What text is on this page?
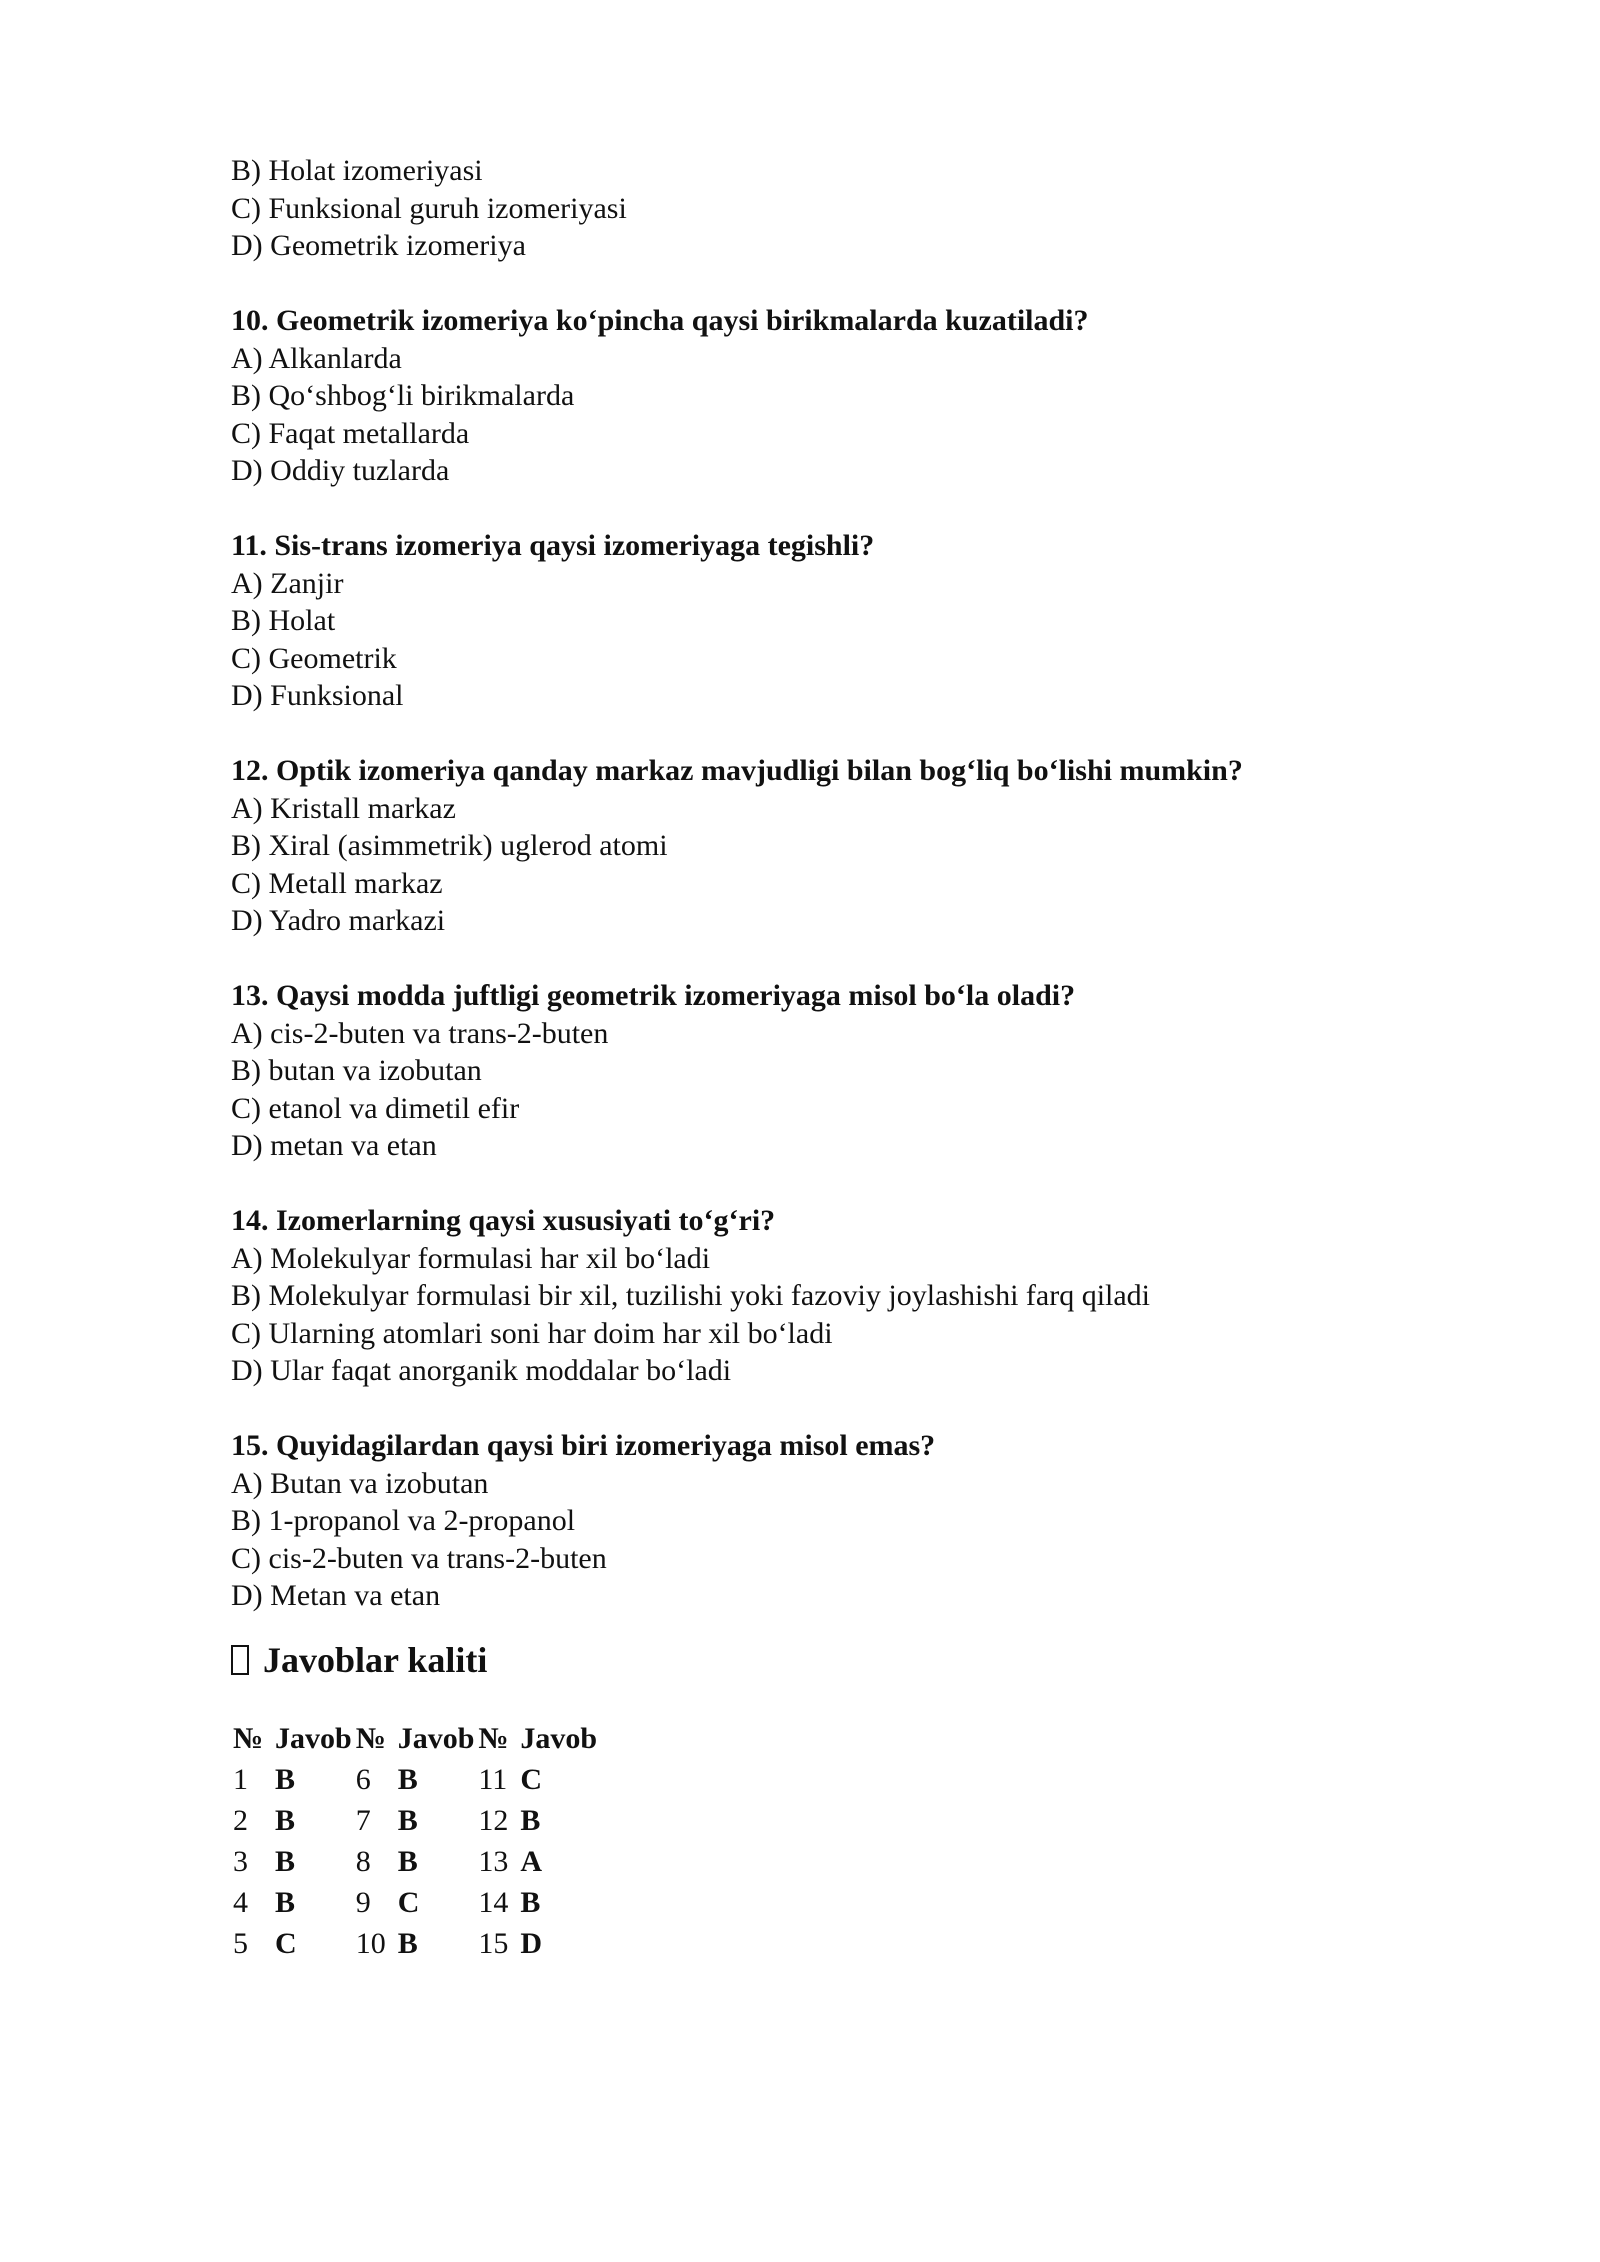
B) Holat izomeriyasi
C) Funksional guruh izomeriyasi
D) Geometrik izomeriya
10. Geometrik izomeriya ko‘pincha qaysi birikmalarda kuzatiladi?
A) Alkanlarda
B) Qo‘shbog‘li birikmalarda
C) Faqat metallarda
D) Oddiy tuzlarda
11. Sis-trans izomeriya qaysi izomeriyaga tegishli?
A) Zanjir
B) Holat
C) Geometrik
D) Funksional
12. Optik izomeriya qanday markaz mavjudligi bilan bog‘liq bo‘lishi mumkin?
A) Kristall markaz
B) Xiral (asimmetrik) uglerod atomi
C) Metall markaz
D) Yadro markazi
13. Qaysi modda juftligi geometrik izomeriyaga misol bo‘la oladi?
A) cis-2-buten va trans-2-buten
B) butan va izobutan
C) etanol va dimetil efir
D) metan va etan
14. Izomerlarning qaysi xususiyati to‘g‘ri?
A) Molekulyar formulasi har xil bo‘ladi
B) Molekulyar formulasi bir xil, tuzilishi yoki fazoviy joylashishi farq qiladi
C) Ularning atomlari soni har doim har xil bo‘ladi
D) Ular faqat anorganik moddalar bo‘ladi
15. Quyidagilardan qaysi biri izomeriyaga misol emas?
A) Butan va izobutan
B) 1-propanol va 2-propanol
C) cis-2-buten va trans-2-buten
D) Metan va etan
Javoblar kaliti
№	Javob	№	Javob	№	Javob
1	B	6	B	11	C
2	B	7	B	12	B
3	B	8	B	13	A
4	B	9	C	14	B
5	C	10	B	15	D
